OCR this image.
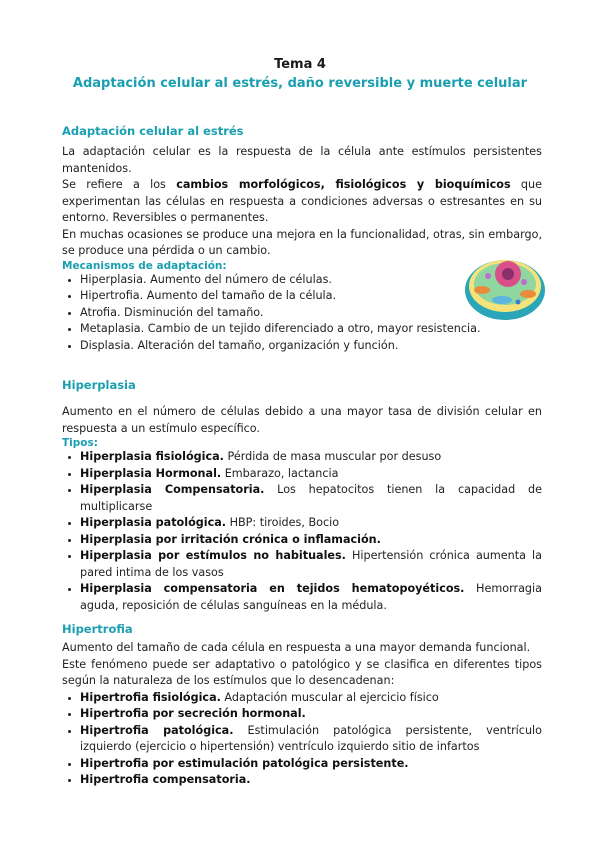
Tema 4
Adaptación celular al estrés, daño reversible y muerte celular
Adaptación celular al estrés

La adaptación celular es la respuesta de la célula ante estímulos persistentes mantenidos.

Se refiere a los cambios morfológicos, fisiológicos y bioquímicos que experimentan las células en respuesta a condiciones adversas o estresantes en su entorno. Reversibles o permanentes.

En muchas ocasiones se produce una mejora en la funcionalidad, otras, sin embargo, se produce una pérdida o un cambio.

Mecanismos de adaptación:
• Hiperplasia. Aumento del número de células.
• Hipertrofia. Aumento del tamaño de la célula.
• Atrofia. Disminución del tamaño.
• Metaplasia. Cambio de un tejido diferenciado a otro, mayor resistencia.
• Displasia. Alteración del tamaño, organización y función.
Hiperplasia

Aumento en el número de células debido a una mayor tasa de división celular en respuesta a un estímulo específico.

Tipos:
• Hiperplasia fisiológica. Pérdida de masa muscular por desuso
• Hiperplasia Hormonal. Embarazo, lactancia
• Hiperplasia Compensatoria. Los hepatocitos tienen la capacidad de multiplicarse
• Hiperplasia patológica. HBP: tiroides, Bocio
• Hiperplasia por irritación crónica o inflamación.
• Hiperplasia por estímulos no habituales. Hipertensión crónica aumenta la pared intima de los vasos
• Hiperplasia compensatoria en tejidos hematopoyéticos. Hemorragia aguda, reposición de células sanguíneas en la médula.
Hipertrofia

Aumento del tamaño de cada célula en respuesta a una mayor demanda funcional.

Este fenómeno puede ser adaptativo o patológico y se clasifica en diferentes tipos según la naturaleza de los estímulos que lo desencadenan:

• Hipertrofia fisiológica. Adaptación muscular al ejercicio físico
• Hipertrofia por secreción hormonal.
• Hipertrofia patológica. Estimulación patológica persistente, ventrículo izquierdo (ejercicio o hipertensión) ventrículo izquierdo sitio de infartos
• Hipertrofia por estimulación patológica persistente.
• Hipertrofia compensatoria.
